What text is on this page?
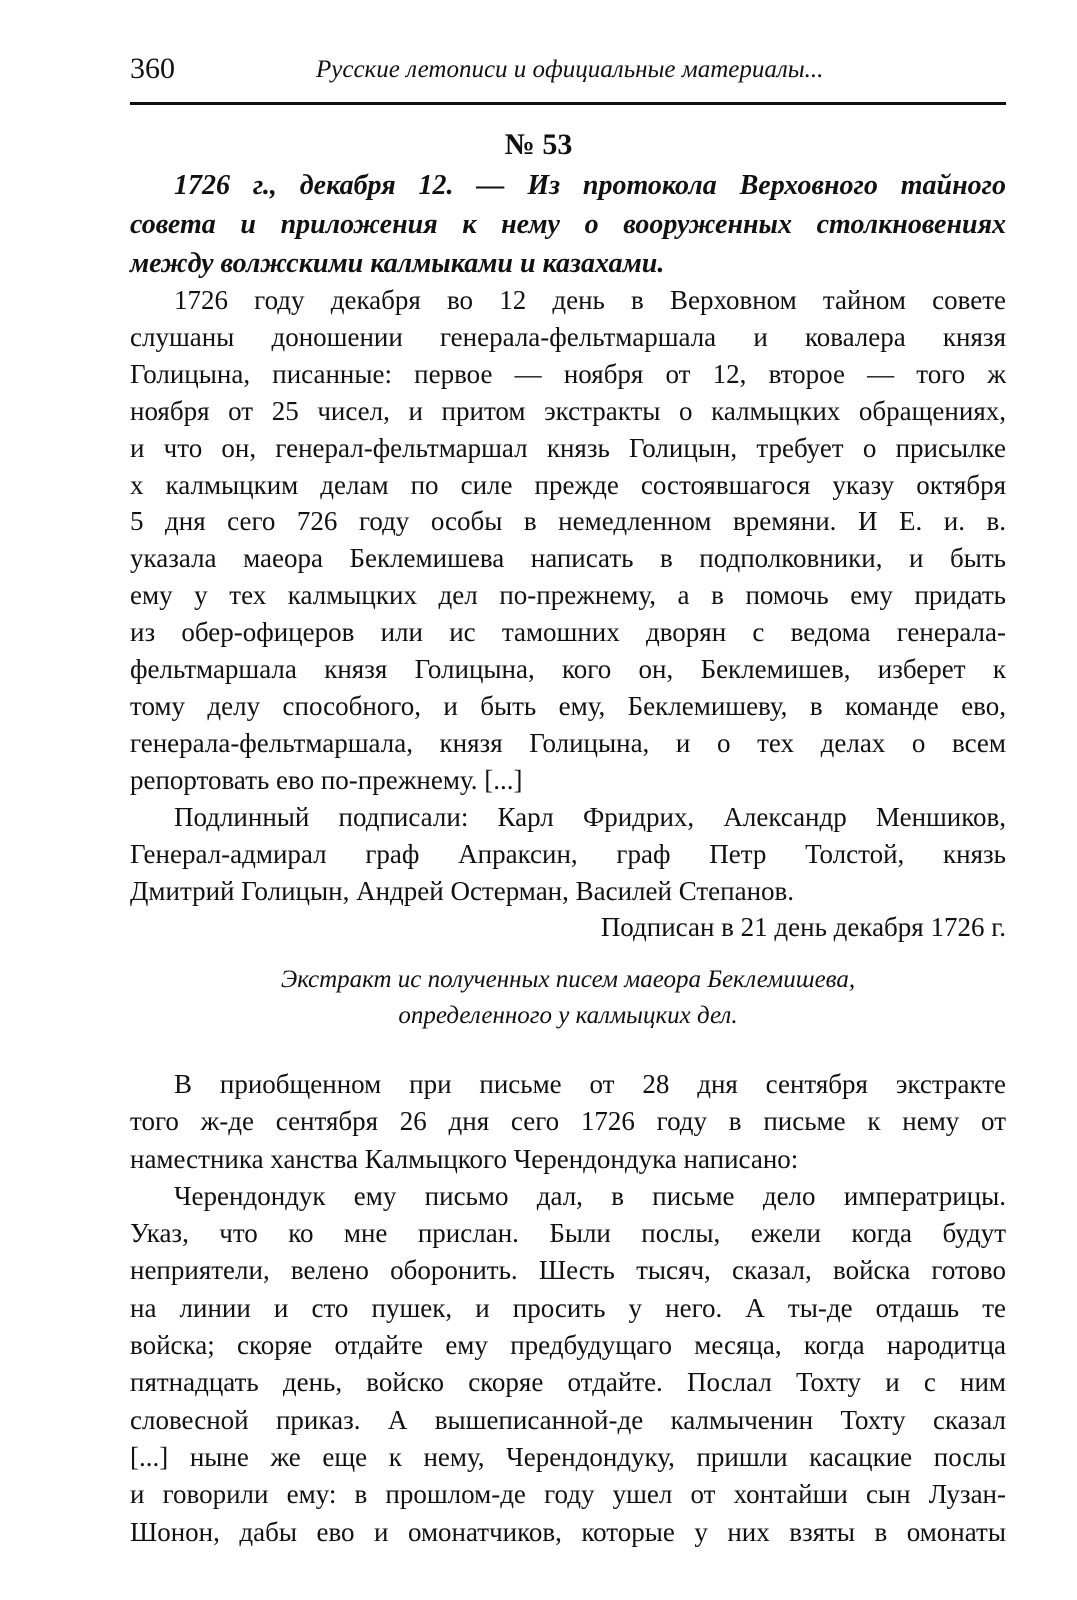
360	Русские летописи и официальные материалы...
№ 53
1726 г., декабря 12. — Из протокола Верховного тайного
совета и приложения к нему о вооруженных столкновениях
между волжскими калмыками и казахами.
1726 году декабря во 12 день в Верховном тайном совете
слушаны доношении генерала-фельтмаршала и ковалера князя
Голицына, писанные: первое — ноября от 12, второе — того ж
ноября от 25 чисел, и притом экстракты о калмыцких обращениях,
и что он, генерал-фельтмаршал князь Голицын, требует о присылке
х калмыцким делам по силе прежде состоявшагося указу октября
5 дня сего 726 году особы в немедленном времяни. И Е. и. в.
указала маеора Беклемишева написать в подполковники, и быть
ему у тех калмыцких дел по-прежнему, а в помочь ему придать
из обер-офицеров или ис тамошних дворян с ведома генерала-
фельтмаршала князя Голицына, кого он, Беклемишев, изберет к
тому делу способного, и быть ему, Беклемишеву, в команде ево,
генерала-фельтмаршала, князя Голицына, и о тех делах о всем
репортовать ево по-прежнему. [...]
Подлинный подписали: Карл Фридрих, Александр Меншиков,
Генерал-адмирал граф Апраксин, граф Петр Толстой, князь
Дмитрий Голицын, Андрей Остерман, Василей Степанов.
Подписан в 21 день декабря 1726 г.
Экстракт ис полученных писем маеора Беклемишева,
определенного у калмыцких дел.
В приобщенном при письме от 28 дня сентября экстракте
того ж-де сентября 26 дня сего 1726 году в письме к нему от
наместника ханства Калмыцкого Черендондука написано:
Черендондук ему письмо дал, в письме дело императрицы.
Указ, что ко мне прислан. Были послы, ежели когда будут
неприятели, велено оборонить. Шесть тысяч, сказал, войска готово
на линии и сто пушек, и просить у него. А ты-де отдашь те
войска; скоряе отдайте ему предбудущаго месяца, когда народитца
пятнадцать день, войско скоряе отдайте. Послал Тохту и с ним
словесной приказ. А вышеписанной-де калмыченин Тохту сказал
[...] ныне же еще к нему, Черендондуку, пришли касацкие послы
и говорили ему: в прошлом-де году ушел от хонтайши сын Лузан-
Шонон, дабы ево и омонатчиков, которые у них взяты в омонаты
